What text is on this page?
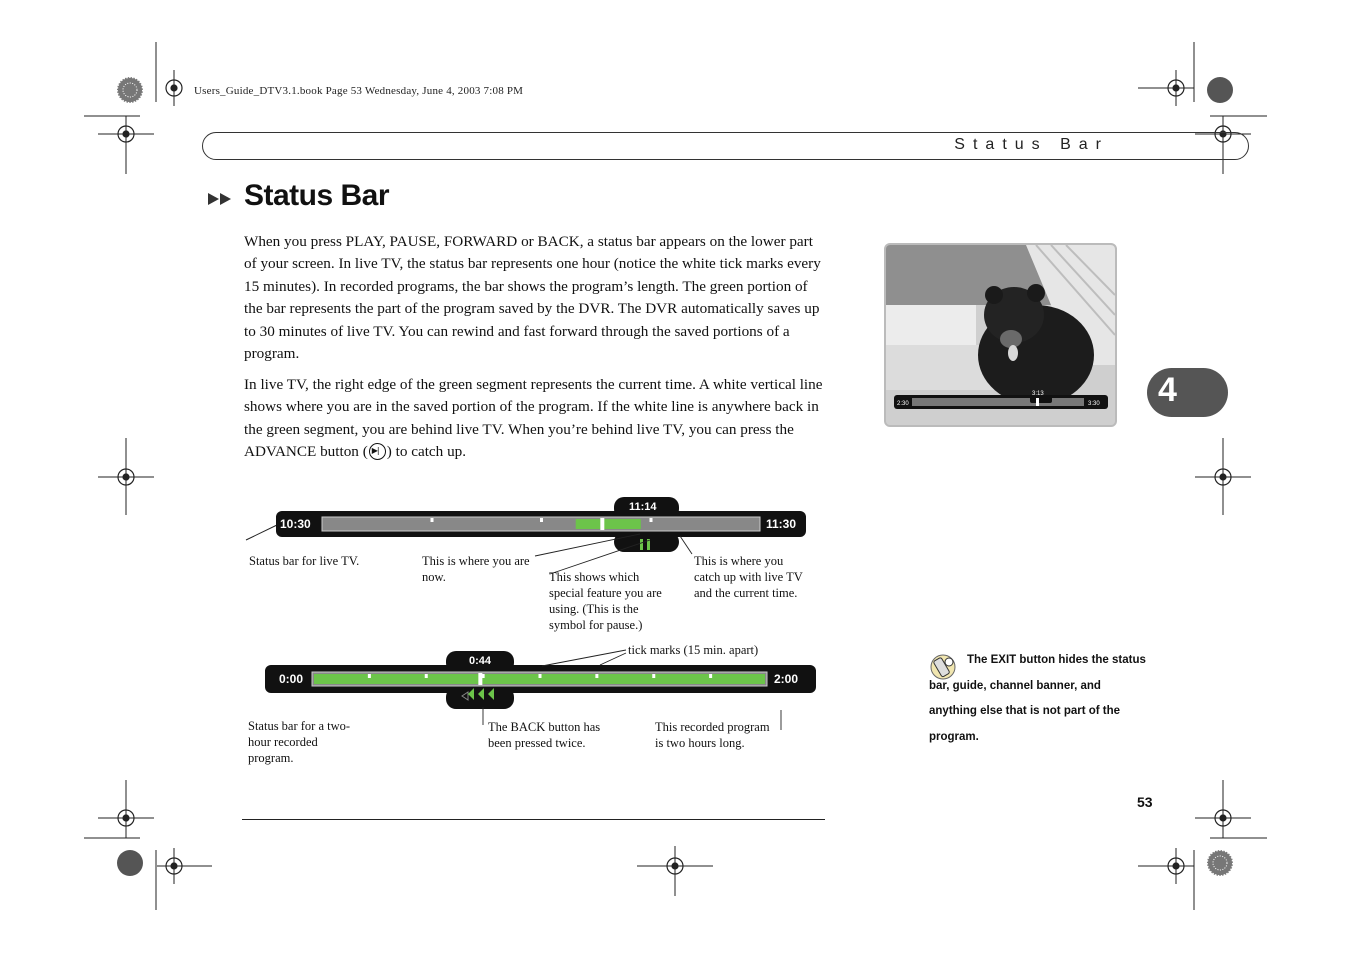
Users_Guide_DTV3.1.book Page 53 Wednesday, June 4, 2003 7:08 PM
Status Bar
Status Bar
When you press PLAY, PAUSE, FORWARD or BACK, a status bar appears on the lower part of your screen. In live TV, the status bar represents one hour (notice the white tick marks every 15 minutes). In recorded programs, the bar shows the program’s length. The green portion of the bar represents the part of the program saved by the DVR. The DVR automatically saves up to 30 minutes of live TV. You can rewind and fast forward through the saved portions of a program.
In live TV, the right edge of the green segment represents the current time. A white vertical line shows where you are in the saved portion of the program. If the white line is anywhere back in the green segment, you are behind live TV. When you’re behind live TV, you can press the ADVANCE button (▶| ) to catch up.
10:30	11:30
11:14
Status bar for live TV.	This is where you are now.	This shows which special feature you are using. (This is the symbol for pause.)
This is where you catch up with live TV and the current time.
0:00	2:00
0:44
tick marks (15 min. apart)
Status bar for a two-hour recorded program.
The BACK button has been pressed twice.
This recorded program is two hours long.
2:30	3:30
3:13	4
The EXIT button hides the status bar, guide, channel banner, and anything else that is not part of the program.
53
